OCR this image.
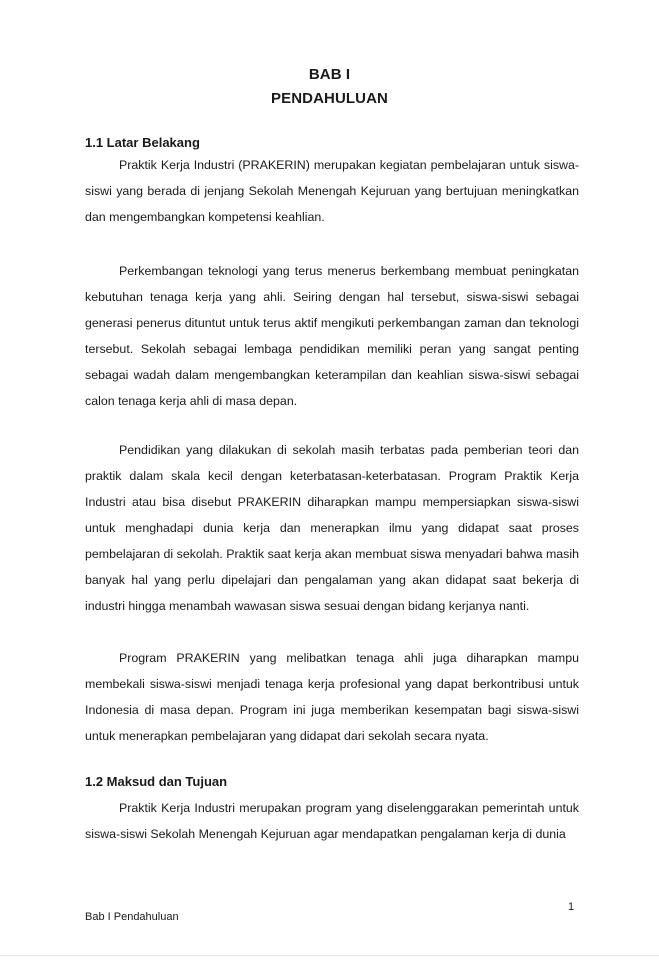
BAB I
PENDAHULUAN
1.1 Latar Belakang

Praktik Kerja Industri (PRAKERIN) merupakan kegiatan pembelajaran untuk siswa-siswi yang berada di jenjang Sekolah Menengah Kejuruan yang bertujuan meningkatkan dan mengembangkan kompetensi keahlian.

Perkembangan teknologi yang terus menerus berkembang membuat peningkatan kebutuhan tenaga kerja yang ahli. Seiring dengan hal tersebut, siswa-siswi sebagai generasi penerus dituntut untuk terus aktif mengikuti perkembangan zaman dan teknologi tersebut. Sekolah sebagai lembaga pendidikan memiliki peran yang sangat penting sebagai wadah dalam mengembangkan keterampilan dan keahlian siswa-siswi sebagai calon tenaga kerja ahli di masa depan.

Pendidikan yang dilakukan di sekolah masih terbatas pada pemberian teori dan praktik dalam skala kecil dengan keterbatasan-keterbatasan. Program Praktik Kerja Industri atau bisa disebut PRAKERIN diharapkan mampu mempersiapkan siswa-siswi untuk menghadapi dunia kerja dan menerapkan ilmu yang didapat saat proses pembelajaran di sekolah. Praktik saat kerja akan membuat siswa menyadari bahwa masih banyak hal yang perlu dipelajari dan pengalaman yang akan didapat saat bekerja di industri hingga menambah wawasan siswa sesuai dengan bidang kerjanya nanti.

Program PRAKERIN yang melibatkan tenaga ahli juga diharapkan mampu membekali siswa-siswi menjadi tenaga kerja profesional yang dapat berkontribusi untuk Indonesia di masa depan. Program ini juga memberikan kesempatan bagi siswa-siswi untuk menerapkan pembelajaran yang didapat dari sekolah secara nyata.

1.2 Maksud dan Tujuan

Praktik Kerja Industri merupakan program yang diselenggarakan pemerintah untuk siswa-siswi Sekolah Menengah Kejuruan agar mendapatkan pengalaman kerja di dunia

1
Bab I Pendahuluan
